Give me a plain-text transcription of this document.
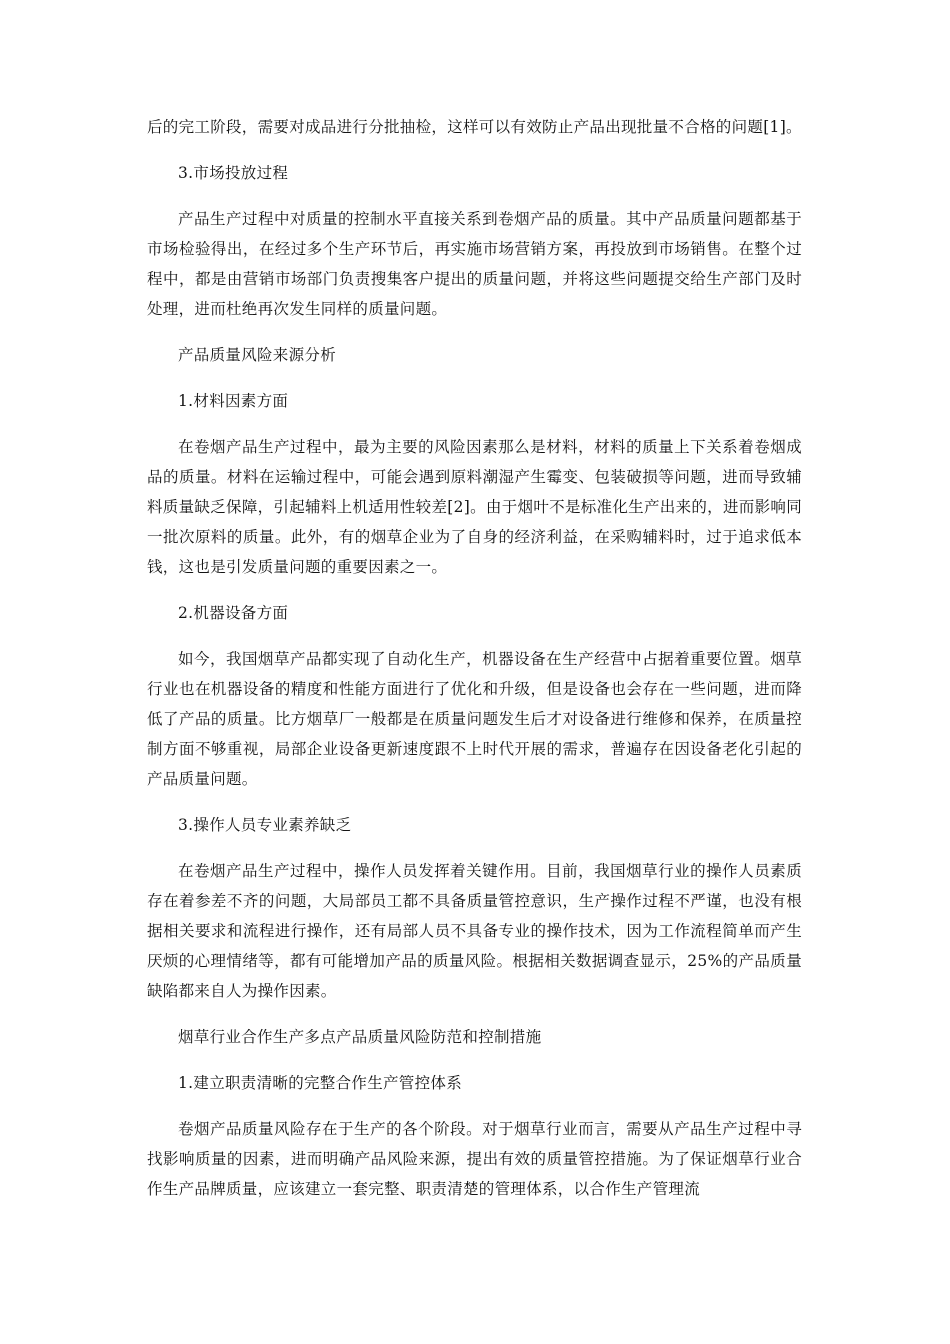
后的完工阶段，需要对成品进行分批抽检，这样可以有效防止产品出现批量不合格的问题[1]。

3.市场投放过程

产品生产过程中对质量的控制水平直接关系到卷烟产品的质量。其中产品质量问题都基于市场检验得出，在经过多个生产环节后，再实施市场营销方案，再投放到市场销售。在整个过程中，都是由营销市场部门负责搜集客户提出的质量问题，并将这些问题提交给生产部门及时处理，进而杜绝再次发生同样的质量问题。

产品质量风险来源分析

1.材料因素方面

在卷烟产品生产过程中，最为主要的风险因素那么是材料，材料的质量上下关系着卷烟成品的质量。材料在运输过程中，可能会遇到原料潮湿产生霉变、包装破损等问题，进而导致辅料质量缺乏保障，引起辅料上机适用性较差[2]。由于烟叶不是标准化生产出来的，进而影响同一批次原料的质量。此外，有的烟草企业为了自身的经济利益，在采购辅料时，过于追求低本钱，这也是引发质量问题的重要因素之一。

2.机器设备方面

如今，我国烟草产品都实现了自动化生产，机器设备在生产经营中占据着重要位置。烟草行业也在机器设备的精度和性能方面进行了优化和升级，但是设备也会存在一些问题，进而降低了产品的质量。比方烟草厂一般都是在质量问题发生后才对设备进行维修和保养，在质量控制方面不够重视，局部企业设备更新速度跟不上时代开展的需求，普遍存在因设备老化引起的产品质量问题。

3.操作人员专业素养缺乏

在卷烟产品生产过程中，操作人员发挥着关键作用。目前，我国烟草行业的操作人员素质存在着参差不齐的问题，大局部员工都不具备质量管控意识，生产操作过程不严谨，也没有根据相关要求和流程进行操作，还有局部人员不具备专业的操作技术，因为工作流程简单而产生厌烦的心理情绪等，都有可能增加产品的质量风险。根据相关数据调查显示，25%的产品质量缺陷都来自人为操作因素。

烟草行业合作生产多点产品质量风险防范和控制措施

1.建立职责清晰的完整合作生产管控体系

卷烟产品质量风险存在于生产的各个阶段。对于烟草行业而言，需要从产品生产过程中寻找影响质量的因素，进而明确产品风险来源，提出有效的质量管控措施。为了保证烟草行业合作生产品牌质量，应该建立一套完整、职责清楚的管理体系，以合作生产管理流
